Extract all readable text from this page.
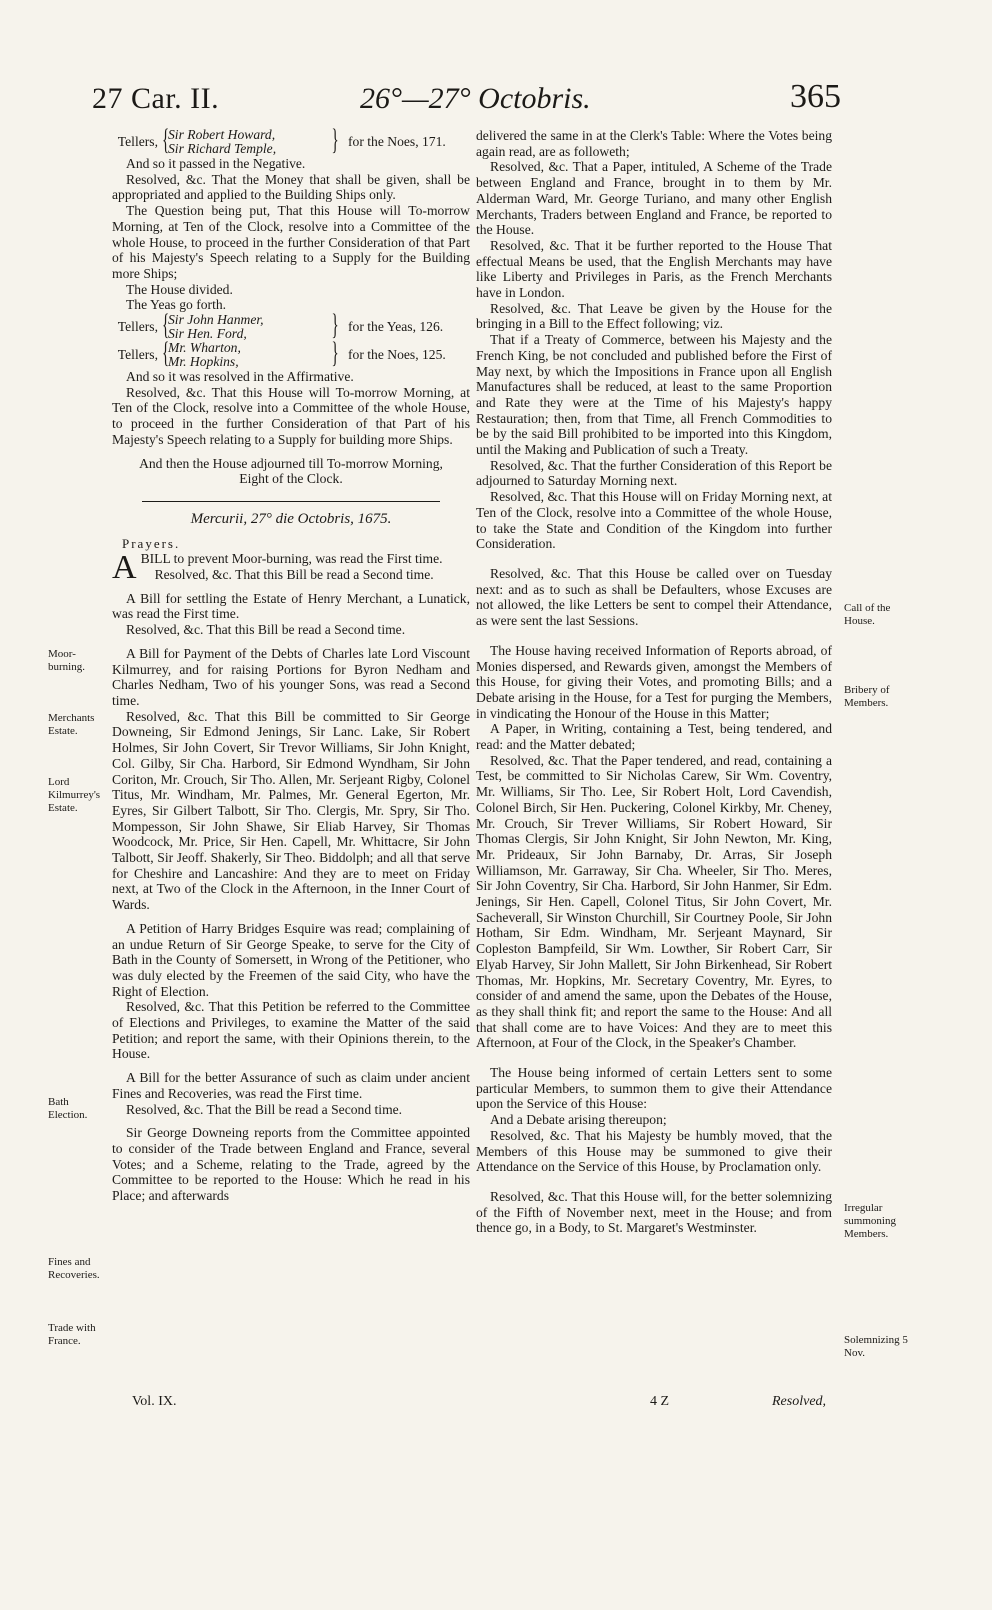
27 Car. II.	26°—27° Octobris.	365
Tellers, {
Sir Robert Howard,
Sir Richard Temple,	} for the Noes, 171.

And so it passed in the Negative.

Resolved, &c. That the Money that shall be given, shall be appropriated and applied to the Building Ships only.

The Question being put, That this House will To-morrow Morning, at Ten of the Clock, resolve into a Committee of the whole House, to proceed in the further Consideration of that Part of his Majesty's Speech relating to a Supply for the Building more Ships;

The House divided.

The Yeas go forth.

Tellers, {
Sir John Hanmer,
Sir Hen. Ford,	} for the Yeas, 126.
Tellers, {
Mr. Wharton,
Mr. Hopkins,	} for the Noes, 125.

And so it was resolved in the Affirmative.

Resolved, &c. That this House will To-morrow Morning, at Ten of the Clock, resolve into a Committee of the whole House, to proceed in the further Consideration of that Part of his Majesty's Speech relating to a Supply for building more Ships.

And then the House adjourned till To-morrow Morning, Eight of the Clock.

Mercurii, 27° die Octobris, 1675.
Prayers.

ABILL to prevent Moor-burning, was read the First time.

Resolved, &c. That this Bill be read a Second time.

A Bill for settling the Estate of Henry Merchant, a Lunatick, was read the First time.

Resolved, &c. That this Bill be read a Second time.

A Bill for Payment of the Debts of Charles late Lord Viscount Kilmurrey, and for raising Portions for Byron Nedham and Charles Nedham, Two of his younger Sons, was read a Second time.

Resolved, &c. That this Bill be committed to Sir George Downeing, Sir Edmond Jenings, Sir Lanc. Lake, Sir Robert Holmes, Sir John Covert, Sir Trevor Williams, Sir John Knight, Col. Gilby, Sir Cha. Harbord, Sir Edmond Wyndham, Sir John Coriton, Mr. Crouch, Sir Tho. Allen, Mr. Serjeant Rigby, Colonel Titus, Mr. Windham, Mr. Palmes, Mr. General Egerton, Mr. Eyres, Sir Gilbert Talbott, Sir Tho. Clergis, Mr. Spry, Sir Tho. Mompesson, Sir John Shawe, Sir Eliab Harvey, Sir Thomas Woodcock, Mr. Price, Sir Hen. Capell, Mr. Whittacre, Sir John Talbott, Sir Jeoff. Shakerly, Sir Theo. Biddolph; and all that serve for Cheshire and Lancashire: And they are to meet on Friday next, at Two of the Clock in the Afternoon, in the Inner Court of Wards.

A Petition of Harry Bridges Esquire was read; complaining of an undue Return of Sir George Speake, to serve for the City of Bath in the County of Somersett, in Wrong of the Petitioner, who was duly elected by the Freemen of the said City, who have the Right of Election.

Resolved, &c. That this Petition be referred to the Committee of Elections and Privileges, to examine the Matter of the said Petition; and report the same, with their Opinions therein, to the House.

A Bill for the better Assurance of such as claim under ancient Fines and Recoveries, was read the First time.

Resolved, &c. That the Bill be read a Second time.

Sir George Downeing reports from the Committee appointed to consider of the Trade between England and France, several Votes; and a Scheme, relating to the Trade, agreed by the Committee to be reported to the House: Which he read in his Place; and afterwards

delivered the same in at the Clerk's Table: Where the Votes being again read, are as followeth;

Resolved, &c. That a Paper, intituled, A Scheme of the Trade between England and France, brought in to them by Mr. Alderman Ward, Mr. George Turiano, and many other English Merchants, Traders between England and France, be reported to the House.

Resolved, &c. That it be further reported to the House That effectual Means be used, that the English Merchants may have like Liberty and Privileges in Paris, as the French Merchants have in London.

Resolved, &c. That Leave be given by the House for the bringing in a Bill to the Effect following; viz.

That if a Treaty of Commerce, between his Majesty and the French King, be not concluded and published before the First of May next, by which the Impositions in France upon all English Manufactures shall be reduced, at least to the same Proportion and Rate they were at the Time of his Majesty's happy Restauration; then, from that Time, all French Commodities to be by the said Bill prohibited to be imported into this Kingdom, until the Making and Publication of such a Treaty.

Resolved, &c. That the further Consideration of this Report be adjourned to Saturday Morning next.

Resolved, &c. That this House will on Friday Morning next, at Ten of the Clock, resolve into a Committee of the whole House, to take the State and Condition of the Kingdom into further Consideration.

Resolved, &c. That this House be called over on Tuesday next: and as to such as shall be Defaulters, whose Excuses are not allowed, the like Letters be sent to compel their Attendance, as were sent the last Sessions.

The House having received Information of Reports abroad, of Monies dispersed, and Rewards given, amongst the Members of this House, for giving their Votes, and promoting Bills; and a Debate arising in the House, for a Test for purging the Members, in vindicating the Honour of the House in this Matter;

A Paper, in Writing, containing a Test, being tendered, and read: and the Matter debated;

Resolved, &c. That the Paper tendered, and read, containing a Test, be committed to Sir Nicholas Carew, Sir Wm. Coventry, Mr. Williams, Sir Tho. Lee, Sir Robert Holt, Lord Cavendish, Colonel Birch, Sir Hen. Puckering, Colonel Kirkby, Mr. Cheney, Mr. Crouch, Sir Trever Williams, Sir Robert Howard, Sir Thomas Clergis, Sir John Knight, Sir John Newton, Mr. King, Mr. Prideaux, Sir John Barnaby, Dr. Arras, Sir Joseph Williamson, Mr. Garraway, Sir Cha. Wheeler, Sir Tho. Meres, Sir John Coventry, Sir Cha. Harbord, Sir John Hanmer, Sir Edm. Jenings, Sir Hen. Capell, Colonel Titus, Sir John Covert, Mr. Sacheverall, Sir Winston Churchill, Sir Courtney Poole, Sir John Hotham, Sir Edm. Windham, Mr. Serjeant Maynard, Sir Copleston Bampfeild, Sir Wm. Lowther, Sir Robert Carr, Sir Elyab Harvey, Sir John Mallett, Sir John Birkenhead, Sir Robert Thomas, Mr. Hopkins, Mr. Secretary Coventry, Mr. Eyres, to consider of and amend the same, upon the Debates of the House, as they shall think fit; and report the same to the House: And all that shall come are to have Voices: And they are to meet this Afternoon, at Four of the Clock, in the Speaker's Chamber.

The House being informed of certain Letters sent to some particular Members, to summon them to give their Attendance upon the Service of this House:

And a Debate arising thereupon;

Resolved, &c. That his Majesty be humbly moved, that the Members of this House may be summoned to give their Attendance on the Service of this House, by Proclamation only.

Resolved, &c. That this House will, for the better solemnizing of the Fifth of November next, meet in the House; and from thence go, in a Body, to St. Margaret's Westminster.

Moor-burning.
Merchants Estate.
Lord Kilmurrey's Estate.
Bath Election.
Fines and Recoveries.
Trade with France.
Call of the House.
Bribery of Members.
Irregular summoning Members.
Solemnizing 5 Nov.
Vol. IX.	4 Z	Resolved,
